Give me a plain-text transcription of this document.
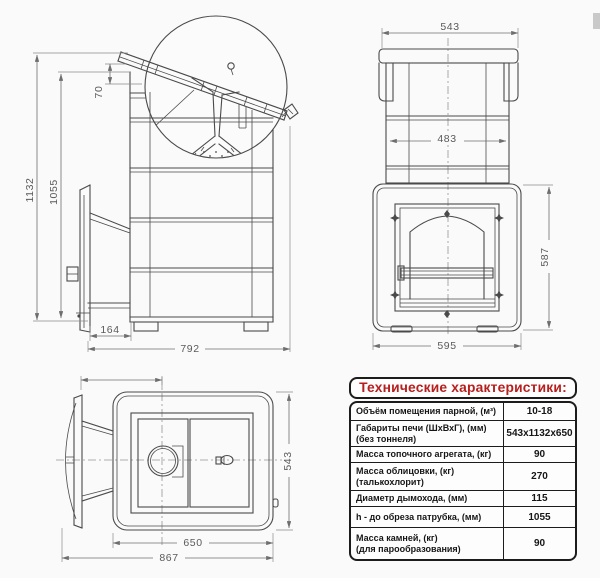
1132 1055
70
164
792
543
483
587
595
650
867
543
Технические характеристики:
Объём помещения парной, (м³)	10-18
Габариты печи (ШхВхГ), (мм)
(без тоннеля)	543х1132х650
Масса топочного агрегата, (кг)	90
Масса облицовки, (кг)
(талькохлорит)	270
Диаметр дымохода, (мм)	115
h - до обреза патрубка, (мм)	1055
Масса камней, (кг)
(для парообразования)	90
